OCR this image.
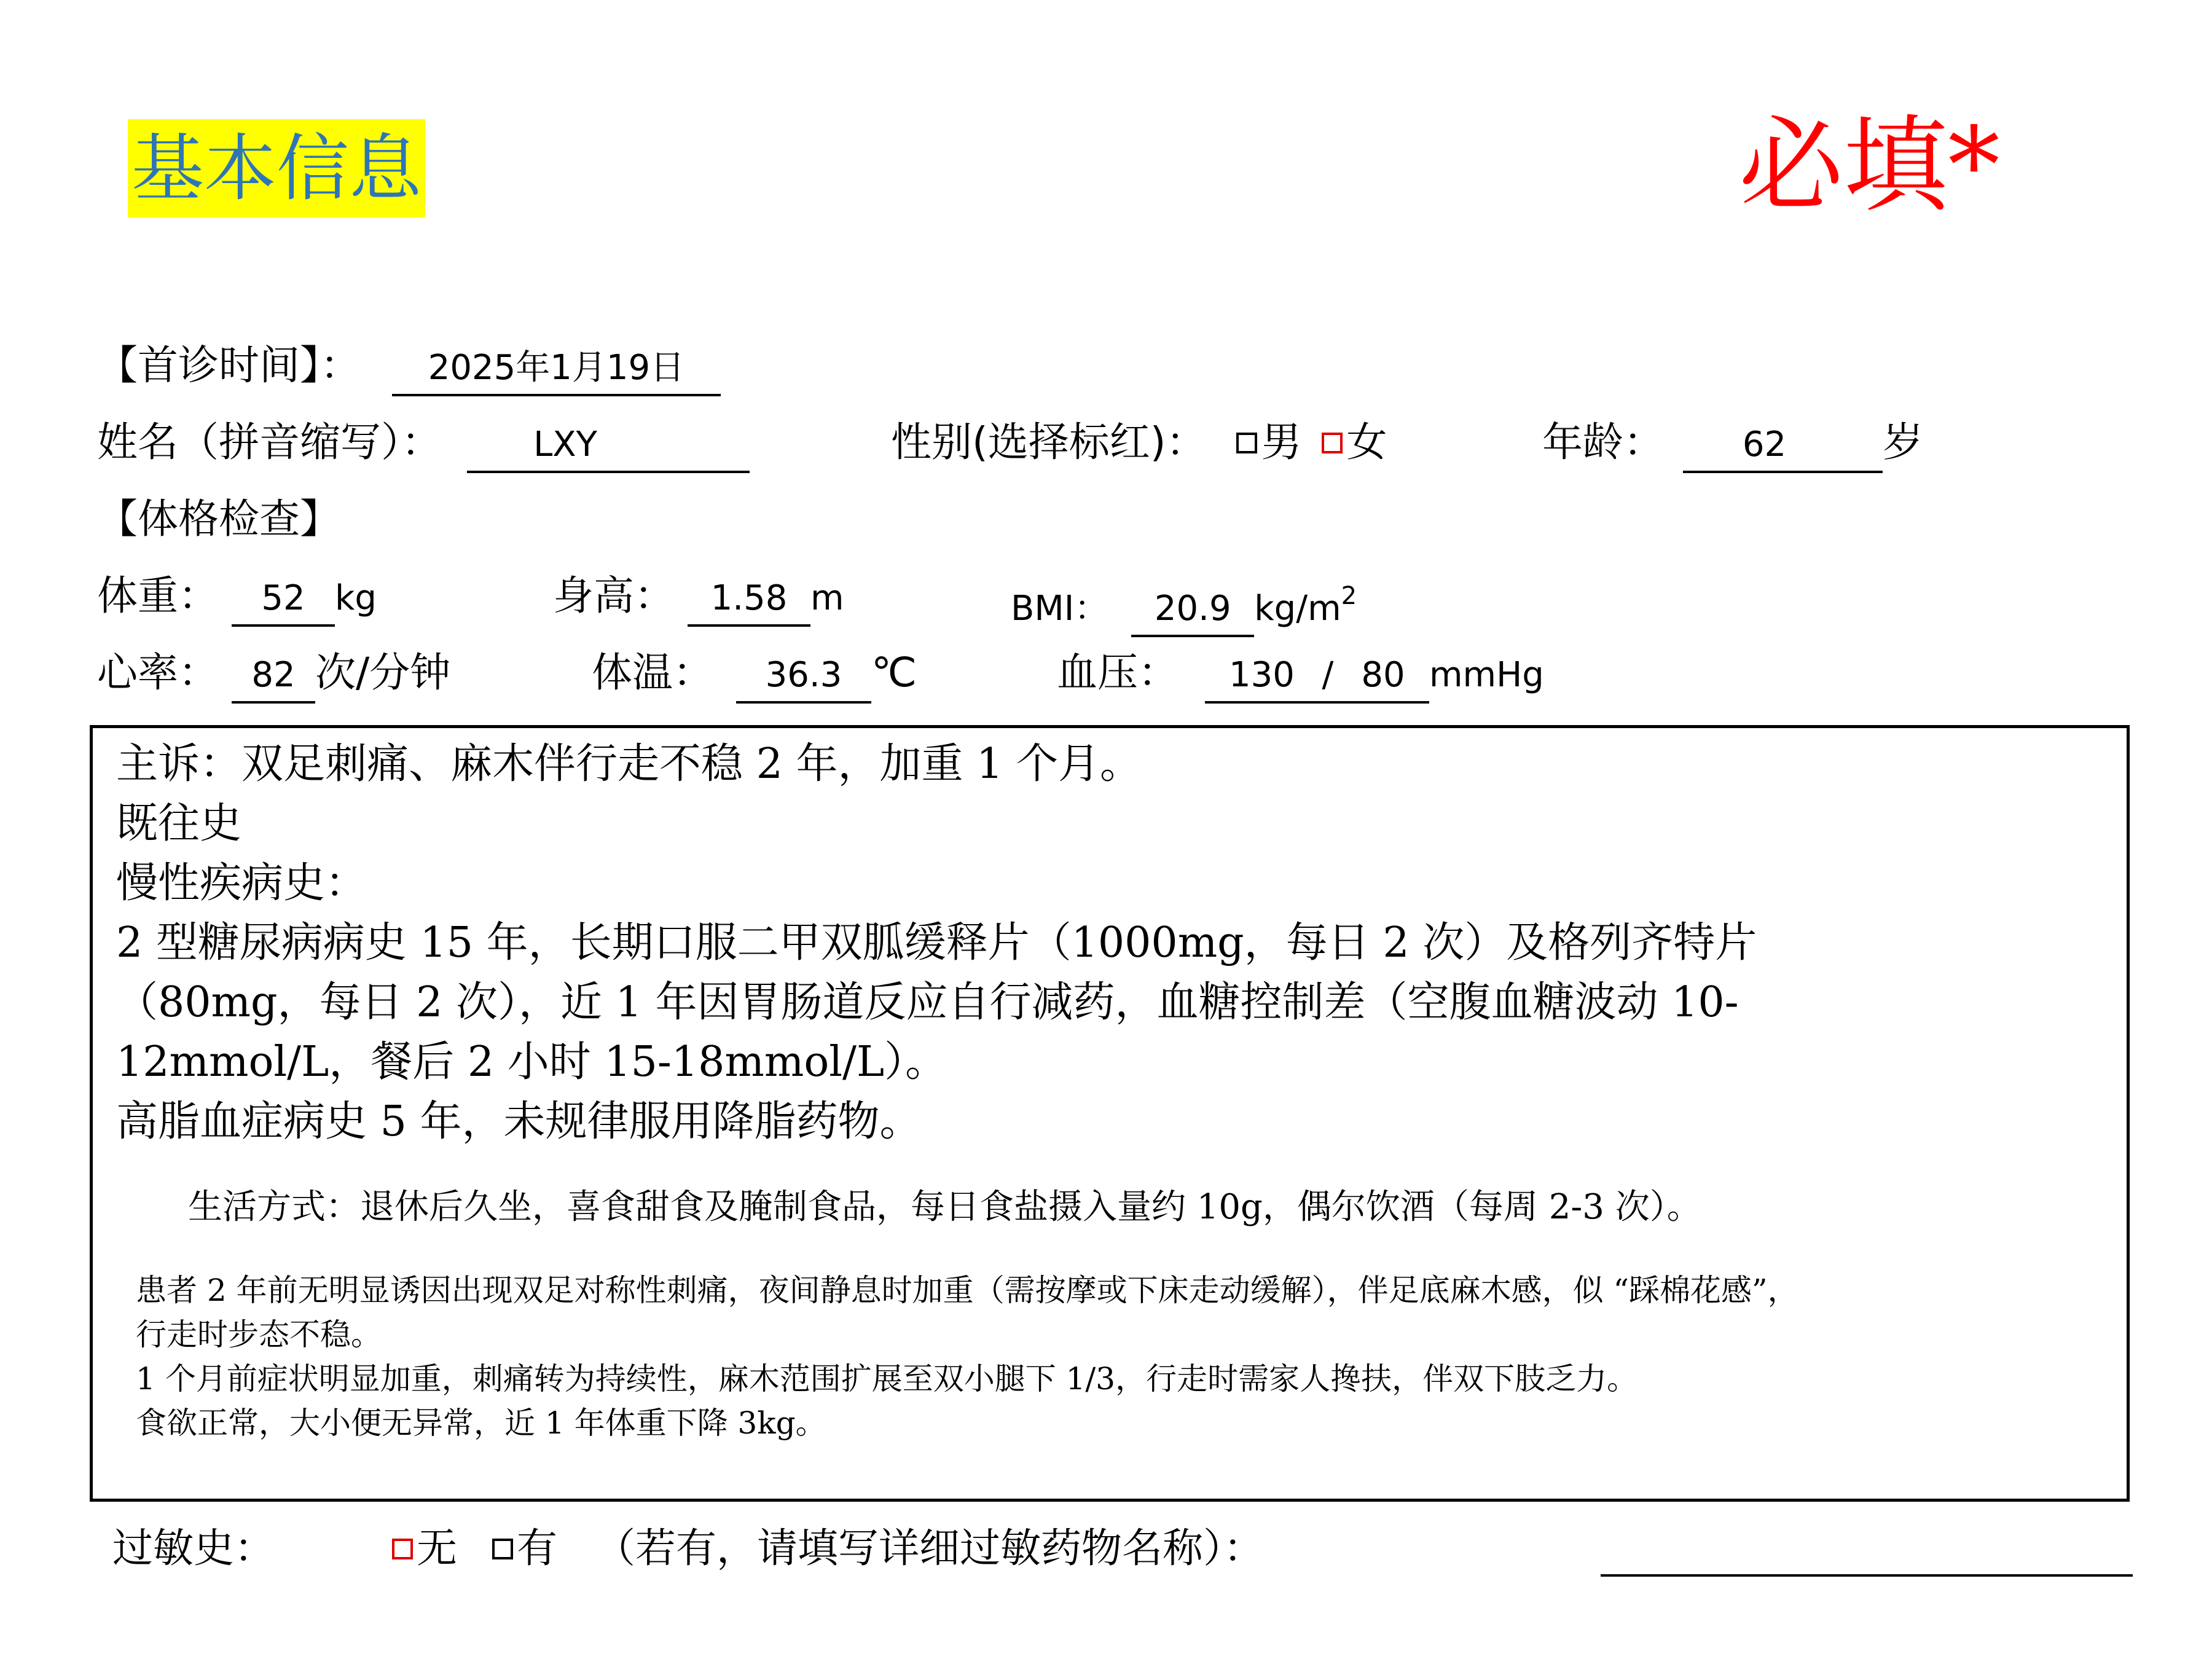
基本信息	必填*
【首诊时间】： 2025年1月19日
姓名（拼音缩写）：	LXY	性别(选择标红)： 男 女	年龄： 62 岁
【体格检查】
体重： 52 kg	身高： 1.58 m	BMI： 20.9 $kg/m^2$
心率： 82 次/分钟	体温： 36.3 ℃	血压： 130 / 80 mmHg
主诉：双足刺痛、麻木伴行走不稳 2 年，加重 1 个月。
既往史
慢性疾病史：
2 型糖尿病病史 15 年，长期口服二甲双胍缓释片（1000mg，每日 2 次）及格列齐特片
（80mg，每日 2 次），近 1 年因胃肠道反应自行减药，血糖控制差（空腹血糖波动 10-
12mmol/L，餐后 2 小时 15-18mmol/L）。
高脂血症病史 5 年，未规律服用降脂药物。
生活方式：退休后久坐，喜食甜食及腌制食品，每日食盐摄入量约 10g，偶尔饮酒（每周 2-3 次）。
患者 2 年前无明显诱因出现双足对称性刺痛，夜间静息时加重（需按摩或下床走动缓解），伴足底麻木感，似 “踩棉花感”，
行走时步态不稳。
1 个月前症状明显加重，刺痛转为持续性，麻木范围扩展至双小腿下 1/3，行走时需家人搀扶，伴双下肢乏力。
食欲正常，大小便无异常，近 1 年体重下降 3kg。
过敏史：	无 有 （若有，请填写详细过敏药物名称）：
